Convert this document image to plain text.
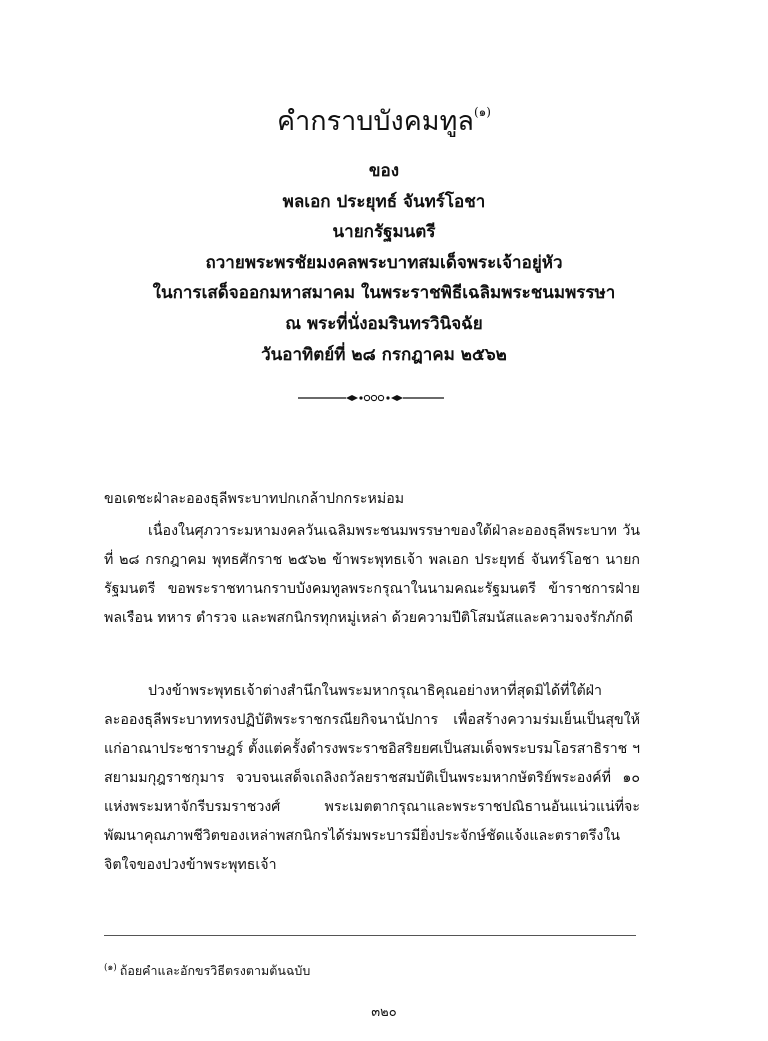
คำกราบบังคมทูล$^{(๑)}$
ของ
พลเอก ประยุทธ์ จันทร์โอชา
นายกรัฐมนตรี
ถวายพระพรชัยมงคลพระบาทสมเด็จพระเจ้าอยู่หัว
ในการเสด็จออกมหาสมาคม ในพระราชพิธีเฉลิมพระชนมพรรษา
ณ พระที่นั่งอมรินทรวินิจฉัย
วันอาทิตย์ที่ ๒๘ กรกฎาคม ๒๕๖๒
ขอเดชะฝ่าละอองธุลีพระบาทปกเกล้าปกกระหม่อม

เนื่องในศุภวาระมหามงคลวันเฉลิมพระชนมพรรษาของใต้ฝ่าละอองธุลีพระบาท วันที่ ๒๘ กรกฎาคม พุทธศักราช ๒๕๖๒ ข้าพระพุทธเจ้า พลเอก ประยุทธ์ จันทร์โอชา นายกรัฐมนตรี ขอพระราชทานกราบบังคมทูลพระกรุณาในนามคณะรัฐมนตรี ข้าราชการฝ่ายพลเรือน ทหาร ตำรวจ และพสกนิกรทุกหมู่เหล่า ด้วยความปีติโสมนัสและความจงรักภักดี

ปวงข้าพระพุทธเจ้าต่างสำนึกในพระมหากรุณาธิคุณอย่างหาที่สุดมิได้ที่ใต้ฝ่าละอองธุลีพระบาททรงปฏิบัติพระราชกรณียกิจนานัปการ เพื่อสร้างความร่มเย็นเป็นสุขให้แก่อาณาประชาราษฎร์ ตั้งแต่ครั้งดำรงพระราชอิสริยยศเป็นสมเด็จพระบรมโอรสาธิราช ฯ สยามมกุฎราชกุมาร จวบจนเสด็จเถลิงถวัลยราชสมบัติเป็นพระมหากษัตริย์พระองค์ที่ ๑๐ แห่งพระมหาจักรีบรมราชวงศ์ พระเมตตากรุณาและพระราชปณิธานอันแน่วแน่ที่จะพัฒนาคุณภาพชีวิตของเหล่าพสกนิกรได้ร่มพระบารมียิ่งประจักษ์ชัดแจ้งและตราตรึงในจิตใจของปวงข้าพระพุทธเจ้า

$^{(๑)}$ ถ้อยคำและอักขรวิธีตรงตามต้นฉบับ
๓๒๐
